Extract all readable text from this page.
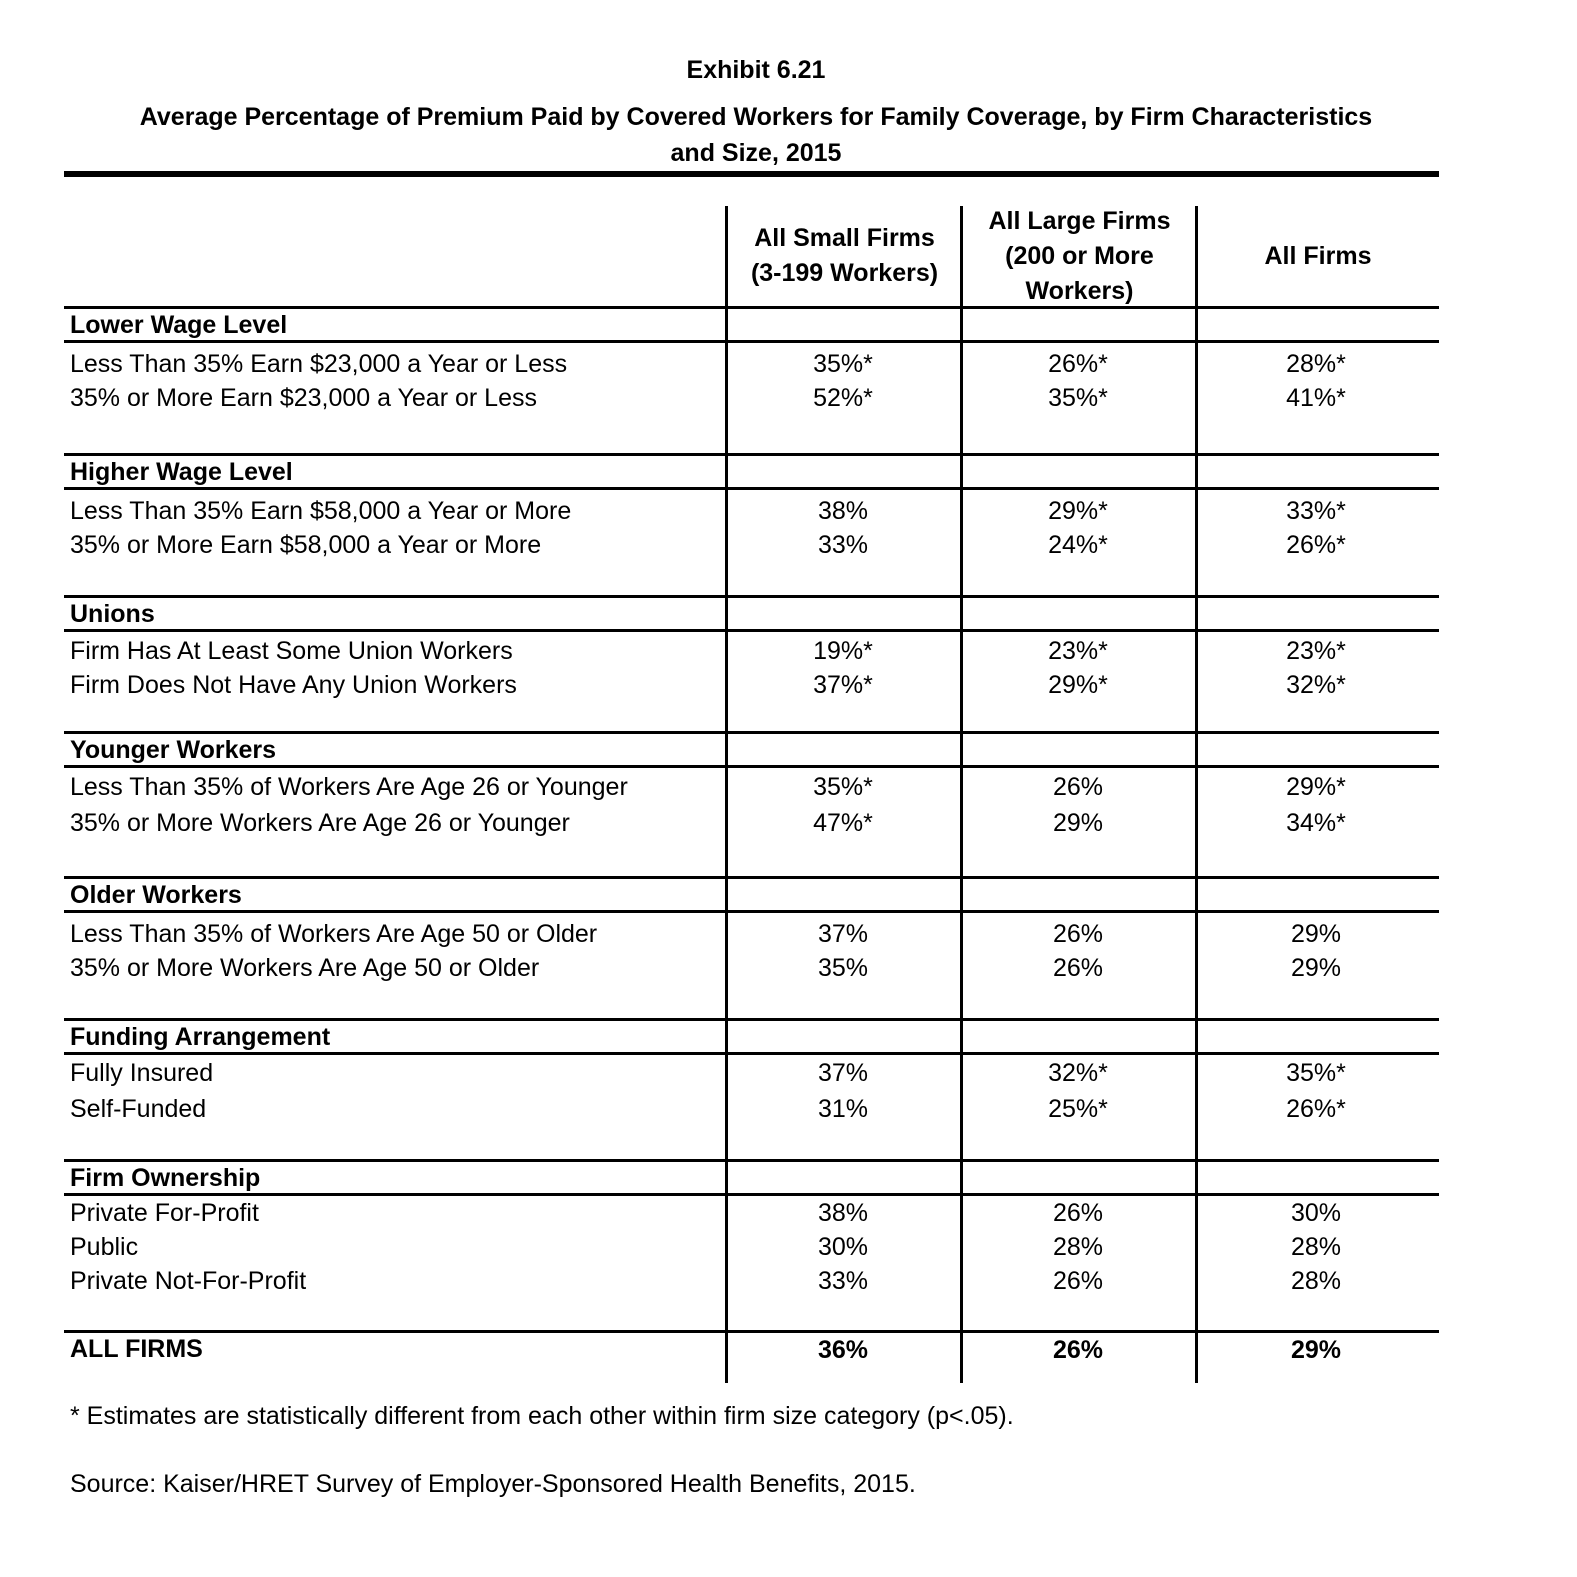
Exhibit 6.21
Average Percentage of Premium Paid by Covered Workers for Family Coverage, by Firm Characteristics
and Size, 2015
All Small Firms
(3-199 Workers)
All Large Firms
(200 or More
Workers)
All Firms
Lower Wage Level
Less Than 35% Earn $23,000 a Year or Less	35%*	26%*	28%*
35% or More Earn $23,000 a Year or Less	52%*	35%*	41%*
Higher Wage Level
Less Than 35% Earn $58,000 a Year or More	38%	29%*	33%*
35% or More Earn $58,000 a Year or More	33%	24%*	26%*
Unions
Firm Has At Least Some Union Workers	19%*	23%*	23%*
Firm Does Not Have Any Union Workers	37%*	29%*	32%*
Younger Workers
Less Than 35% of Workers Are Age 26 or Younger	35%*	26%	29%*
35% or More Workers Are Age 26 or Younger	47%*	29%	34%*
Older Workers
Less Than 35% of Workers Are Age 50 or Older	37%	26%	29%
35% or More Workers Are Age 50 or Older	35%	26%	29%
Funding Arrangement
Fully Insured	37%	32%*	35%*
Self-Funded	31%	25%*	26%*
Firm Ownership
Private For-Profit	38%	26%	30%
Public	30%	28%	28%
Private Not-For-Profit	33%	26%	28%
ALL FIRMS	36%	26%	29%
* Estimates are statistically different from each other within firm size category (p<.05).
Source: Kaiser/HRET Survey of Employer-Sponsored Health Benefits, 2015.
